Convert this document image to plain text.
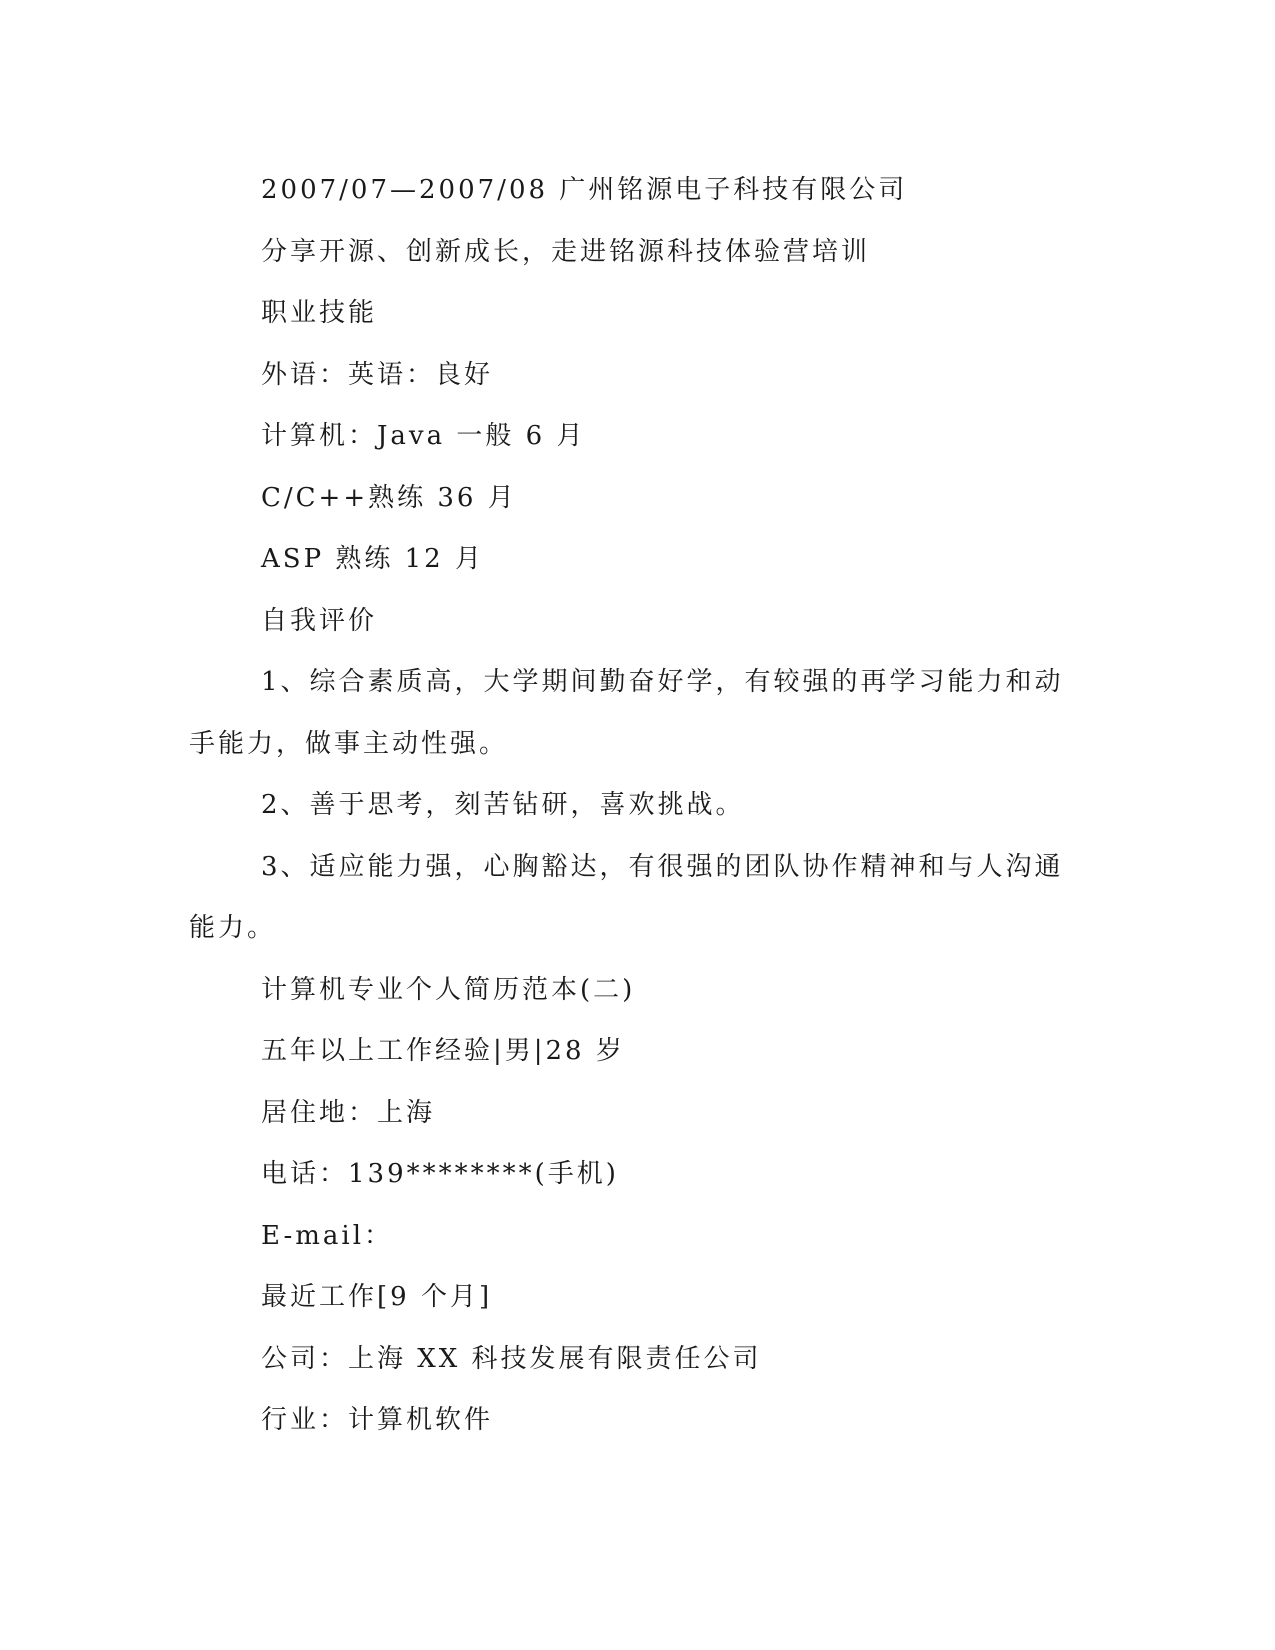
2007/07—2007/08 广州铭源电子科技有限公司

分享开源、创新成长，走进铭源科技体验营培训

职业技能

外语：英语：良好

计算机：Java 一般 6 月

C/C++熟练 36 月

ASP 熟练 12 月

自我评价

1、综合素质高，大学期间勤奋好学，有较强的再学习能力和动

手能力，做事主动性强。

2、善于思考，刻苦钻研，喜欢挑战。

3、适应能力强，心胸豁达，有很强的团队协作精神和与人沟通

能力。

计算机专业个人简历范本(二)

五年以上工作经验|男|28 岁

居住地：上海

电话：139********(手机)

E-mail：

最近工作[9 个月]

公司：上海 XX 科技发展有限责任公司

行业：计算机软件
